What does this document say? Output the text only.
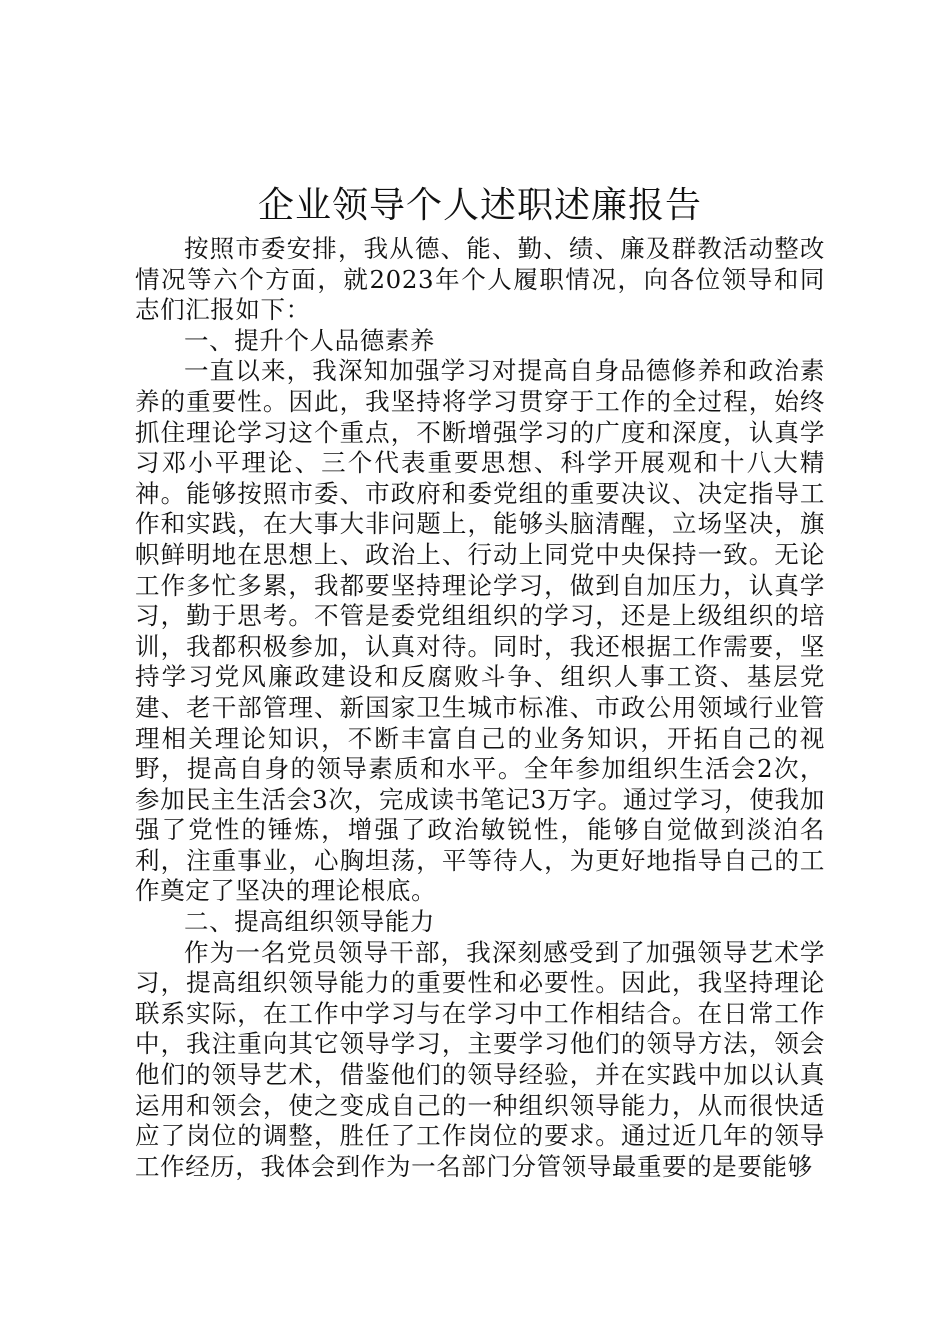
企业领导个人述职述廉报告

按照市委安排，我从德、能、勤、绩、廉及群教活动整改情况等六个方面，就2023年个人履职情况，向各位领导和同志们汇报如下：

一、提升个人品德素养

一直以来，我深知加强学习对提高自身品德修养和政治素养的重要性。因此，我坚持将学习贯穿于工作的全过程，始终抓住理论学习这个重点，不断增强学习的广度和深度，认真学习邓小平理论、三个代表重要思想、科学开展观和十八大精神。能够按照市委、市政府和委党组的重要决议、决定指导工作和实践，在大事大非问题上，能够头脑清醒，立场坚决，旗帜鲜明地在思想上、政治上、行动上同党中央保持一致。无论工作多忙多累，我都要坚持理论学习，做到自加压力，认真学习，勤于思考。不管是委党组组织的学习，还是上级组织的培训，我都积极参加，认真对待。同时，我还根据工作需要，坚持学习党风廉政建设和反腐败斗争、组织人事工资、基层党建、老干部管理、新国家卫生城市标准、市政公用领域行业管理相关理论知识，不断丰富自己的业务知识，开拓自己的视野，提高自身的领导素质和水平。全年参加组织生活会2次，参加民主生活会3次，完成读书笔记3万字。通过学习，使我加强了党性的锤炼，增强了政治敏锐性，能够自觉做到淡泊名利，注重事业，心胸坦荡，平等待人，为更好地指导自己的工作奠定了坚决的理论根底。

二、提高组织领导能力

作为一名党员领导干部，我深刻感受到了加强领导艺术学习，提高组织领导能力的重要性和必要性。因此，我坚持理论联系实际，在工作中学习与在学习中工作相结合。在日常工作中，我注重向其它领导学习，主要学习他们的领导方法，领会他们的领导艺术，借鉴他们的领导经验，并在实践中加以认真运用和领会，使之变成自己的一种组织领导能力，从而很快适应了岗位的调整，胜任了工作岗位的要求。通过近几年的领导工作经历，我体会到作为一名部门分管领导最重要的是要能够
